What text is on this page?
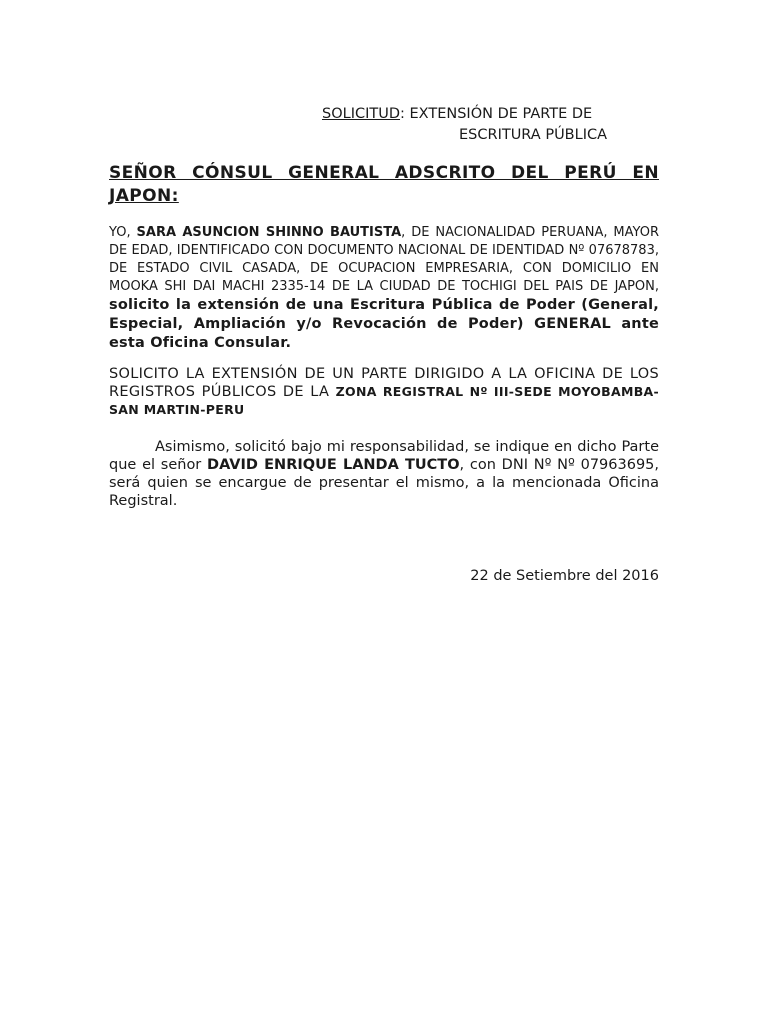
SOLICITUD: EXTENSIÓN DE PARTE DE
ESCRITURA PÚBLICA
SEÑOR CÓNSUL GENERAL ADSCRITO DEL PERÚ EN JAPON:
YO, SARA ASUNCION SHINNO BAUTISTA, DE NACIONALIDAD PERUANA, MAYOR DE EDAD, IDENTIFICADO CON DOCUMENTO NACIONAL DE IDENTIDAD Nº 07678783, DE ESTADO CIVIL CASADA, DE OCUPACION EMPRESARIA, CON DOMICILIO EN MOOKA SHI DAI MACHI 2335-14 DE LA CIUDAD DE TOCHIGI DEL PAIS DE JAPON, solicito la extensión de una Escritura Pública de Poder (General, Especial, Ampliación y/o Revocación de Poder) GENERAL ante esta Oficina Consular.
SOLICITO LA EXTENSIÓN DE UN PARTE DIRIGIDO A LA OFICINA DE LOS REGISTROS PÚBLICOS DE LA ZONA REGISTRAL Nº III-SEDE MOYOBAMBA-SAN MARTIN-PERU
Asimismo, solicitó bajo mi responsabilidad, se indique en dicho Parte que el señor DAVID ENRIQUE LANDA TUCTO, con DNI Nº Nº 07963695, será quien se encargue de presentar el mismo, a la mencionada Oficina Registral.
22 de Setiembre del 2016
